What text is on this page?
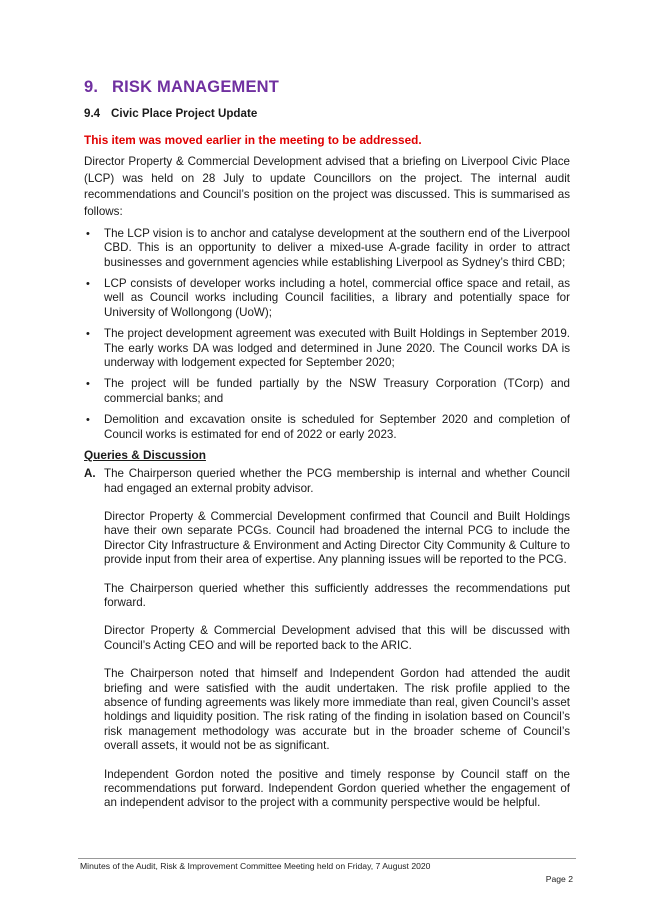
9. RISK MANAGEMENT
9.4 Civic Place Project Update

This item was moved earlier in the meeting to be addressed.

Director Property & Commercial Development advised that a briefing on Liverpool Civic Place (LCP) was held on 28 July to update Councillors on the project. The internal audit recommendations and Council’s position on the project was discussed. This is summarised as follows:

• The LCP vision is to anchor and catalyse development at the southern end of the Liverpool CBD. This is an opportunity to deliver a mixed-use A-grade facility in order to attract businesses and government agencies while establishing Liverpool as Sydney’s third CBD;
• LCP consists of developer works including a hotel, commercial office space and retail, as well as Council works including Council facilities, a library and potentially space for University of Wollongong (UoW);
• The project development agreement was executed with Built Holdings in September 2019. The early works DA was lodged and determined in June 2020. The Council works DA is underway with lodgement expected for September 2020;
• The project will be funded partially by the NSW Treasury Corporation (TCorp) and commercial banks; and
• Demolition and excavation onsite is scheduled for September 2020 and completion of Council works is estimated for end of 2022 or early 2023.
Queries & Discussion
A. The Chairperson queried whether the PCG membership is internal and whether Council had engaged an external probity advisor.

Director Property & Commercial Development confirmed that Council and Built Holdings have their own separate PCGs. Council had broadened the internal PCG to include the Director City Infrastructure & Environment and Acting Director City Community & Culture to provide input from their area of expertise. Any planning issues will be reported to the PCG.

The Chairperson queried whether this sufficiently addresses the recommendations put forward.

Director Property & Commercial Development advised that this will be discussed with Council’s Acting CEO and will be reported back to the ARIC.

The Chairperson noted that himself and Independent Gordon had attended the audit briefing and were satisfied with the audit undertaken. The risk profile applied to the absence of funding agreements was likely more immediate than real, given Council’s asset holdings and liquidity position. The risk rating of the finding in isolation based on Council’s risk management methodology was accurate but in the broader scheme of Council’s overall assets, it would not be as significant.

Independent Gordon noted the positive and timely response by Council staff on the recommendations put forward. Independent Gordon queried whether the engagement of an independent advisor to the project with a community perspective would be helpful.

Minutes of the Audit, Risk & Improvement Committee Meeting held on Friday, 7 August 2020
Page 2
